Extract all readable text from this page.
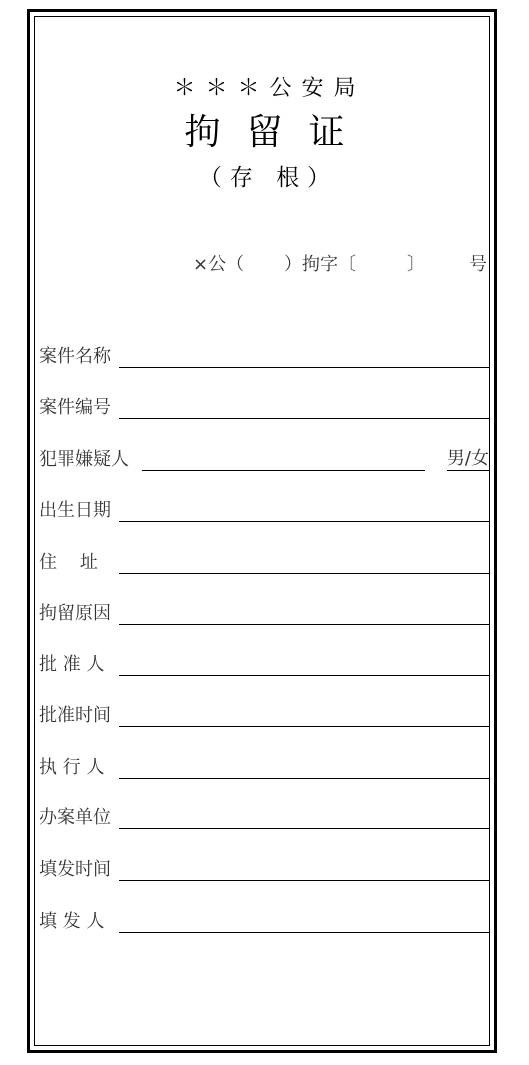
＊＊＊公安局
拘留证
（存 根）
×公（ ）拘字〔	〕 号
案件名称
案件编号
犯罪嫌疑人	男/女
出生日期
住    址
拘留原因
批 准 人
批准时间
执 行 人
办案单位
填发时间
填 发 人
